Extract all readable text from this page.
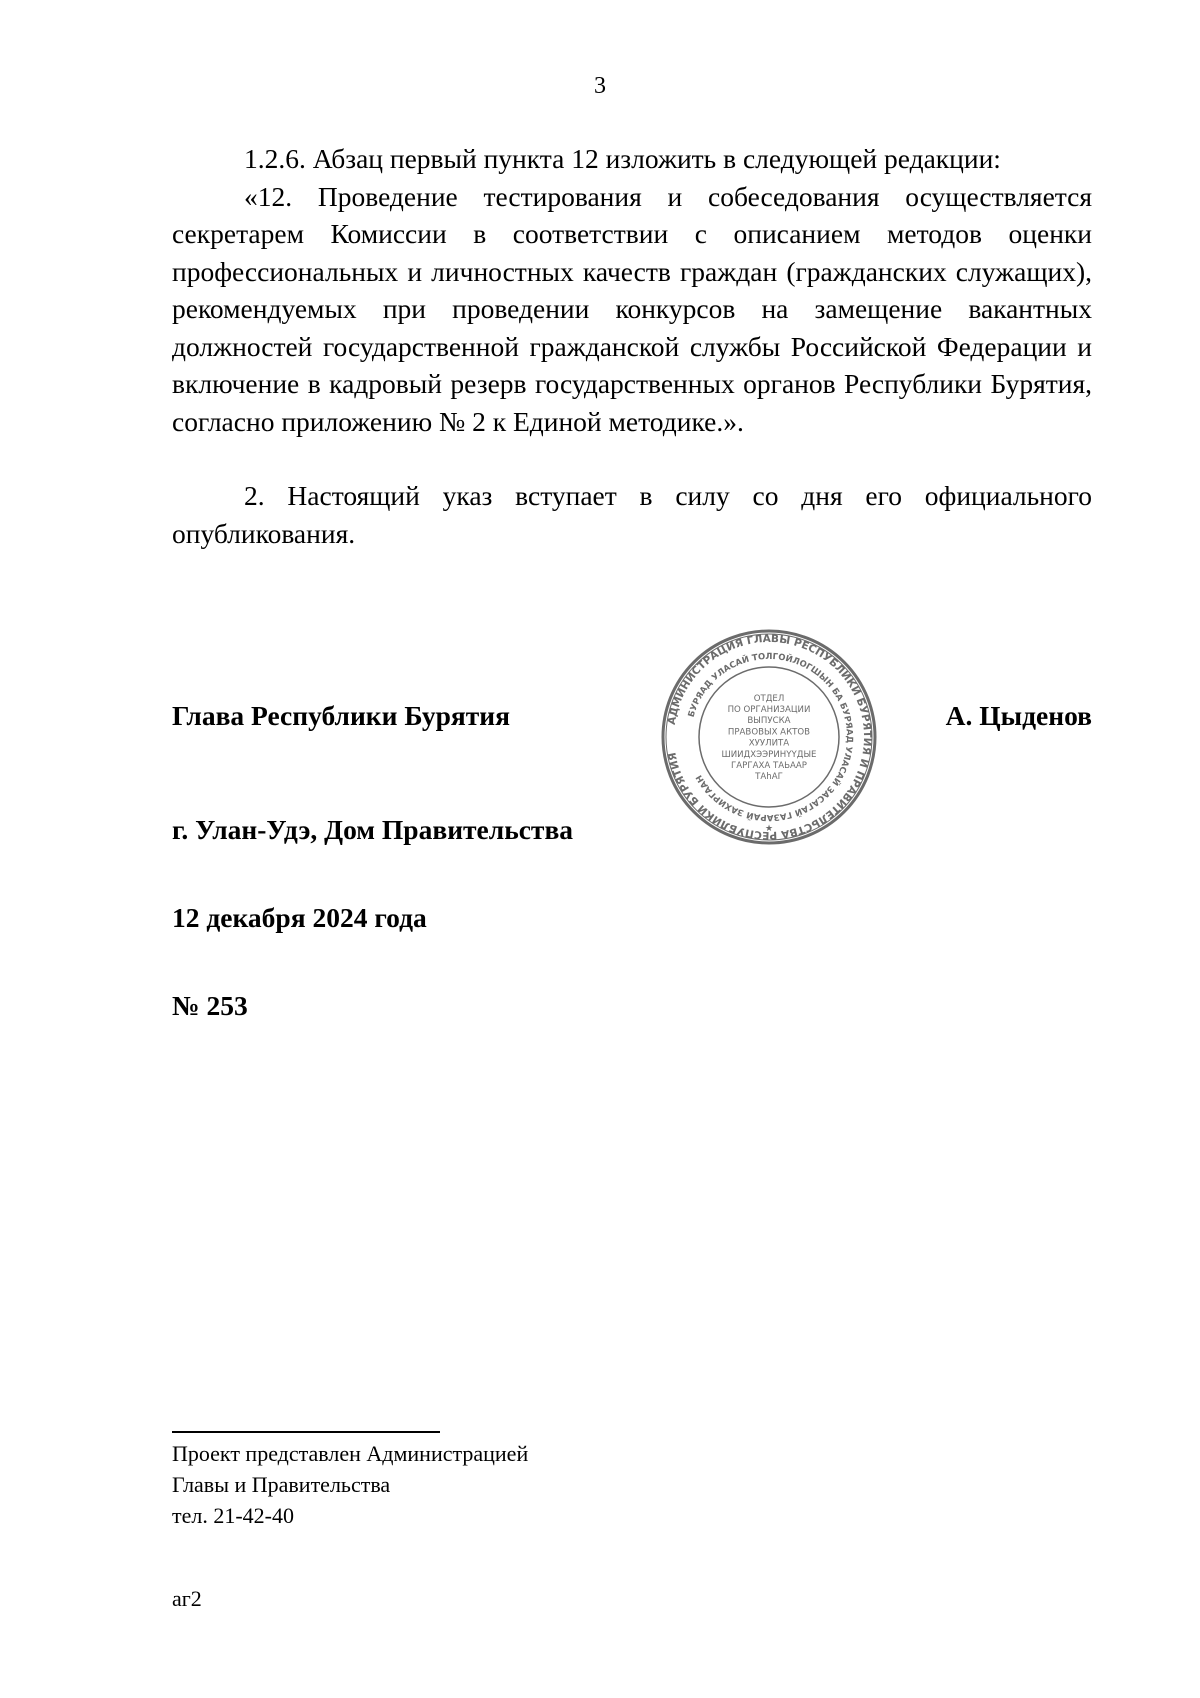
3

1.2.6. Абзац первый пункта 12 изложить в следующей редакции:

«12. Проведение тестирования и собеседования осуществляется секретарем Комиссии в соответствии с описанием методов оценки профессиональных и личностных качеств граждан (гражданских служащих), рекомендуемых при проведении конкурсов на замещение вакантных должностей государственной гражданской службы Российской Федерации и включение в кадровый резерв государственных органов Республики Бурятия, согласно приложению № 2 к Единой методике.».

2. Настоящий указ вступает в силу со дня его официального опубликования.

Глава Республики Бурятия	А. Цыденов
г. Улан-Удэ, Дом Правительства
12 декабря 2024 года
№ 253
АДМИНИСТРАЦИЯ ГЛАВЫ РЕСПУБЛИКИ БУРЯТИЯ И ПРАВИТЕЛЬСТВА РЕСПУБЛИКИ БУРЯТИЯ
БУРЯАД УЛАСАЙ ТОЛГОЙЛОГШЫН БА БУРЯАД УЛАСАЙ ЗАСАГАЙ ГАЗАРАЙ ЗАХИРГААН
ОТДЕЛ
ПО ОРГАНИЗАЦИИ
ВЫПУСКА
ПРАВОВЫХ АКТОВ
ХУУЛИТА
ШИИДХЭЭРИНҮҮДЫЕ
ГАРГАХА ТАЬААР
ТАhАГ
★
Проект представлен Администрацией
Главы и Правительства
тел. 21-42-40
аг2
